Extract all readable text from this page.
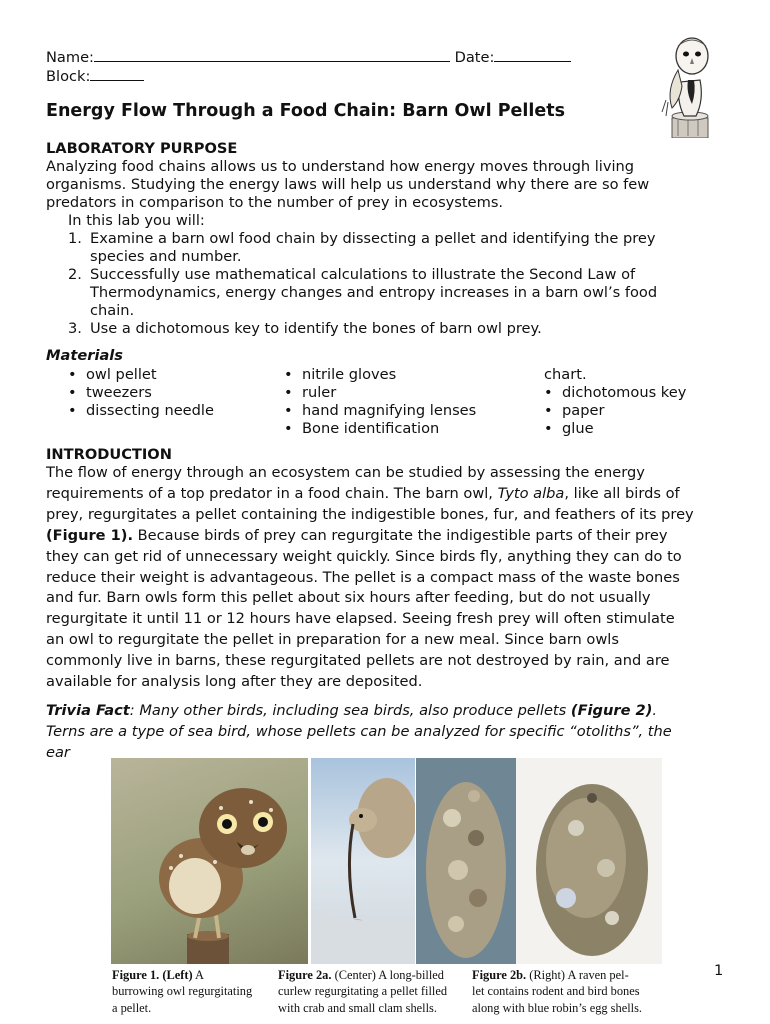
Name:	Date:
Block:
Energy Flow Through a Food Chain: Barn Owl Pellets
LABORATORY PURPOSE
Analyzing food chains allows us to understand how energy moves through living
organisms. Studying the energy laws will help us understand why there are so few
predators in comparison to the number of prey in ecosystems.
In this lab you will:
1. Examine a barn owl food chain by dissecting a pellet and identifying the prey
species and number.
2. Successfully use mathematical calculations to illustrate the Second Law of
Thermodynamics, energy changes and entropy increases in a barn owl’s food
chain.
3. Use a dichotomous key to identify the bones of barn owl prey.
Materials
• owl pellet
• tweezers
• dissecting needle
• nitrile gloves
• ruler
• hand magnifying lenses
• Bone identification
chart.
• dichotomous key
• paper
• glue
INTRODUCTION
The flow of energy through an ecosystem can be studied by assessing the energy
requirements of a top predator in a food chain. The barn owl, Tyto alba, like all birds of
prey, regurgitates a pellet containing the indigestible bones, fur, and feathers of its prey
(Figure 1). Because birds of prey can regurgitate the indigestible parts of their prey
they can get rid of unnecessary weight quickly. Since birds fly, anything they can do to
reduce their weight is advantageous. The pellet is a compact mass of the waste bones
and fur. Barn owls form this pellet about six hours after feeding, but do not usually
regurgitate it until 11 or 12 hours have elapsed. Seeing fresh prey will often stimulate
an owl to regurgitate the pellet in preparation for a new meal. Since barn owls
commonly live in barns, these regurgitated pellets are not destroyed by rain, and are
available for analysis long after they are deposited.
Trivia Fact: Many other birds, including sea birds, also produce pellets (Figure 2).
Terns are a type of sea bird, whose pellets can be analyzed for specific “otoliths”, the
ear
Figure 1. (Left) A
burrowing owl regurgitating
a pellet.
Figure 2a. (Center) A long-billed
curlew regurgitating a pellet filled
with crab and small clam shells.
Figure 2b. (Right) A raven pel-
let contains rodent and bird bones
along with blue robin’s egg shells.
1
